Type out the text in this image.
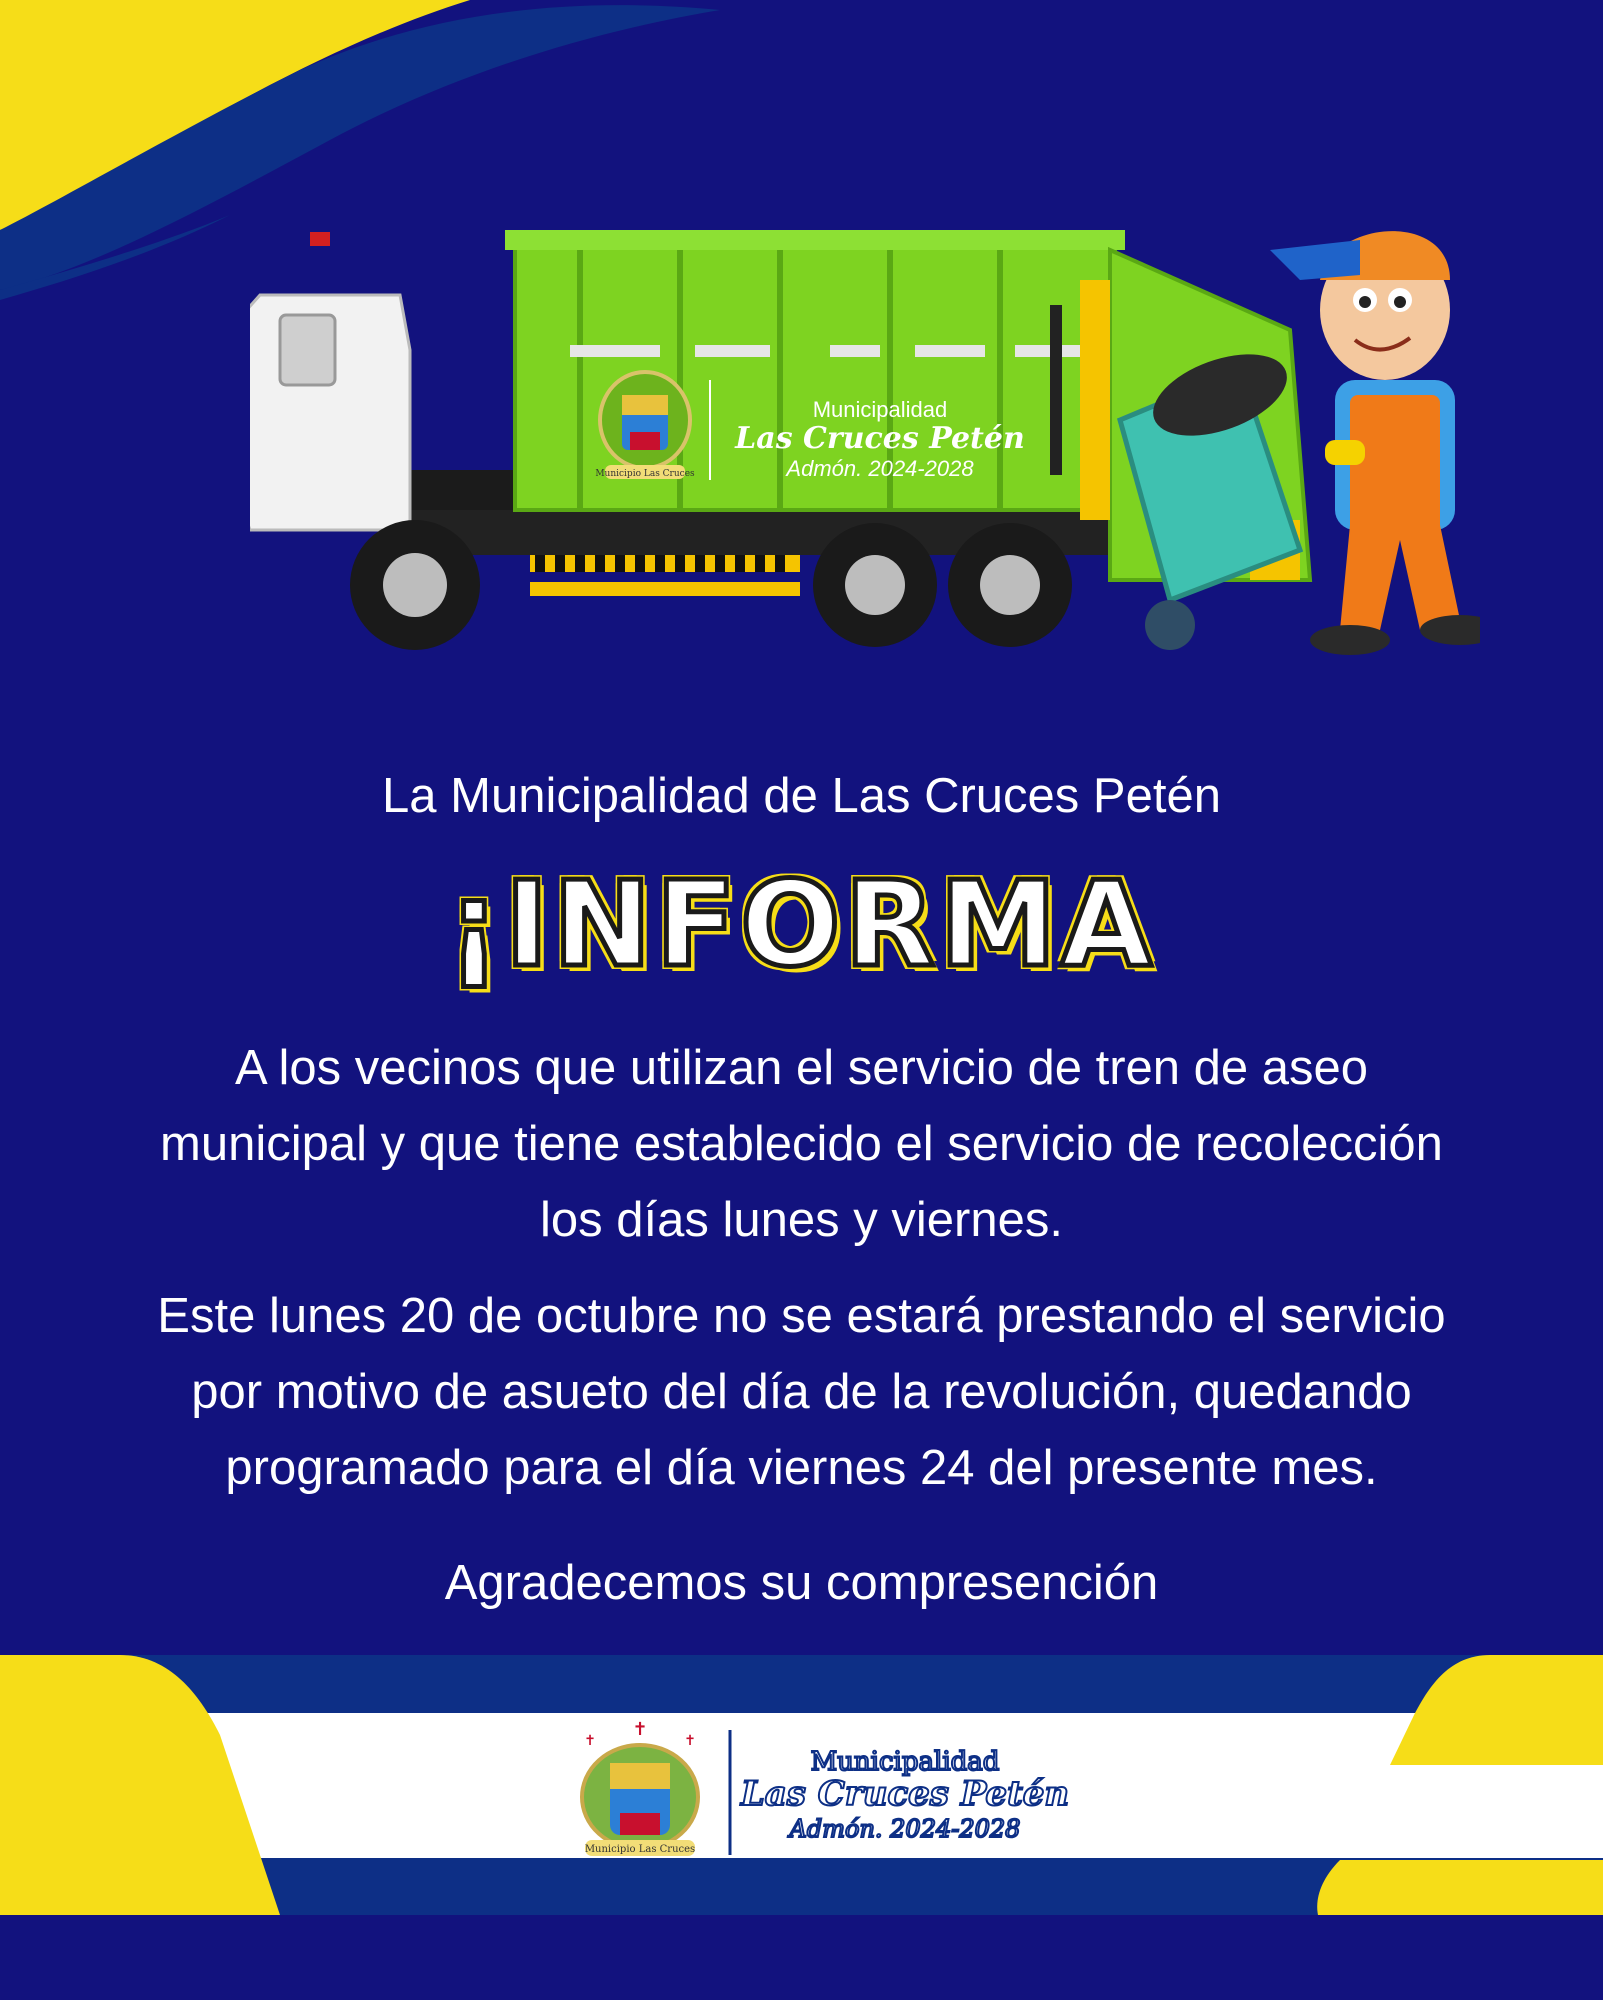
Municipio Las Cruces
Municipalidad
Las Cruces Petén
Admón. 2024-2028

La Municipalidad de Las Cruces Petén

¡INFORMA
A los vecinos que utilizan el servicio de tren de aseo
municipal y que tiene establecido el servicio de recolección
los días lunes y viernes.
Este lunes 20 de octubre no se estará prestando el servicio
por motivo de asueto del día de la revolución, quedando
programado para el día viernes 24 del presente mes.

Agradecemos su compresención

✝
✝	✝
Municipio Las Cruces
Municipalidad
Las Cruces Petén
Admón. 2024-2028
